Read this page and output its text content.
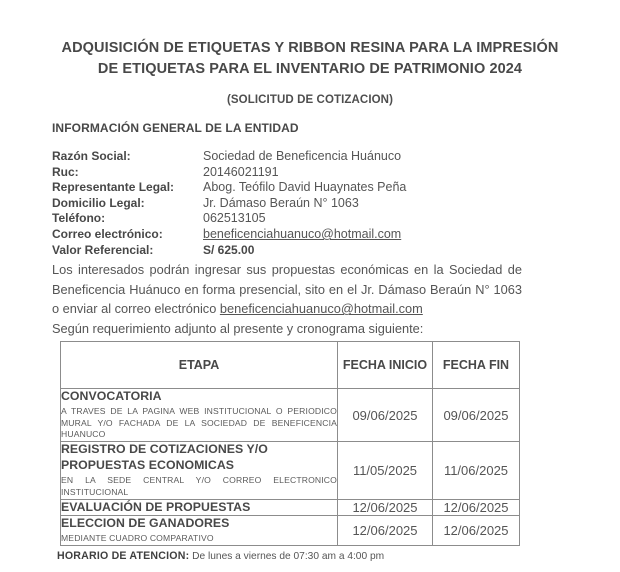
ADQUISICIÓN DE ETIQUETAS Y RIBBON RESINA PARA LA IMPRESIÓN DE ETIQUETAS PARA EL INVENTARIO DE PATRIMONIO 2024
(SOLICITUD DE COTIZACION)
INFORMACIÓN GENERAL DE LA ENTIDAD
Razón Social:	Sociedad de Beneficencia Huánuco
Ruc:	20146021191
Representante Legal:	Abog. Teófilo David Huaynates Peña
Domicilio Legal:	Jr. Dámaso Beraún N° 1063
Teléfono:	062513105
Correo electrónico:	beneficenciahuanuco@hotmail.com
Valor Referencial:	S/ 625.00
Los interesados podrán ingresar sus propuestas económicas en la Sociedad de
Beneficencia Huánuco en forma presencial, sito en el Jr. Dámaso Beraún N° 1063
o enviar al correo electrónico beneficenciahuanuco@hotmail.com
Según requerimiento adjunto al presente y cronograma siguiente:
ETAPA	FECHA INICIO	FECHA FIN

CONVOCATORIA
A TRAVES DE LA PAGINA WEB INSTITUCIONAL O PERIODICO MURAL Y/O FACHADA DE LA SOCIEDAD DE BENEFICENCIA HUANUCO	09/06/2025	09/06/2025

REGISTRO DE COTIZACIONES Y/O PROPUESTAS ECONOMICAS
EN LA SEDE CENTRAL Y/O CORREO ELECTRONICO INSTITUCIONAL	11/05/2025	11/06/2025

EVALUACIÓN DE PROPUESTAS	12/06/2025	12/06/2025

ELECCION DE GANADORES
MEDIANTE CUADRO COMPARATIVO	12/06/2025	12/06/2025
HORARIO DE ATENCION: De lunes a viernes de 07:30 am a 4:00 pm
